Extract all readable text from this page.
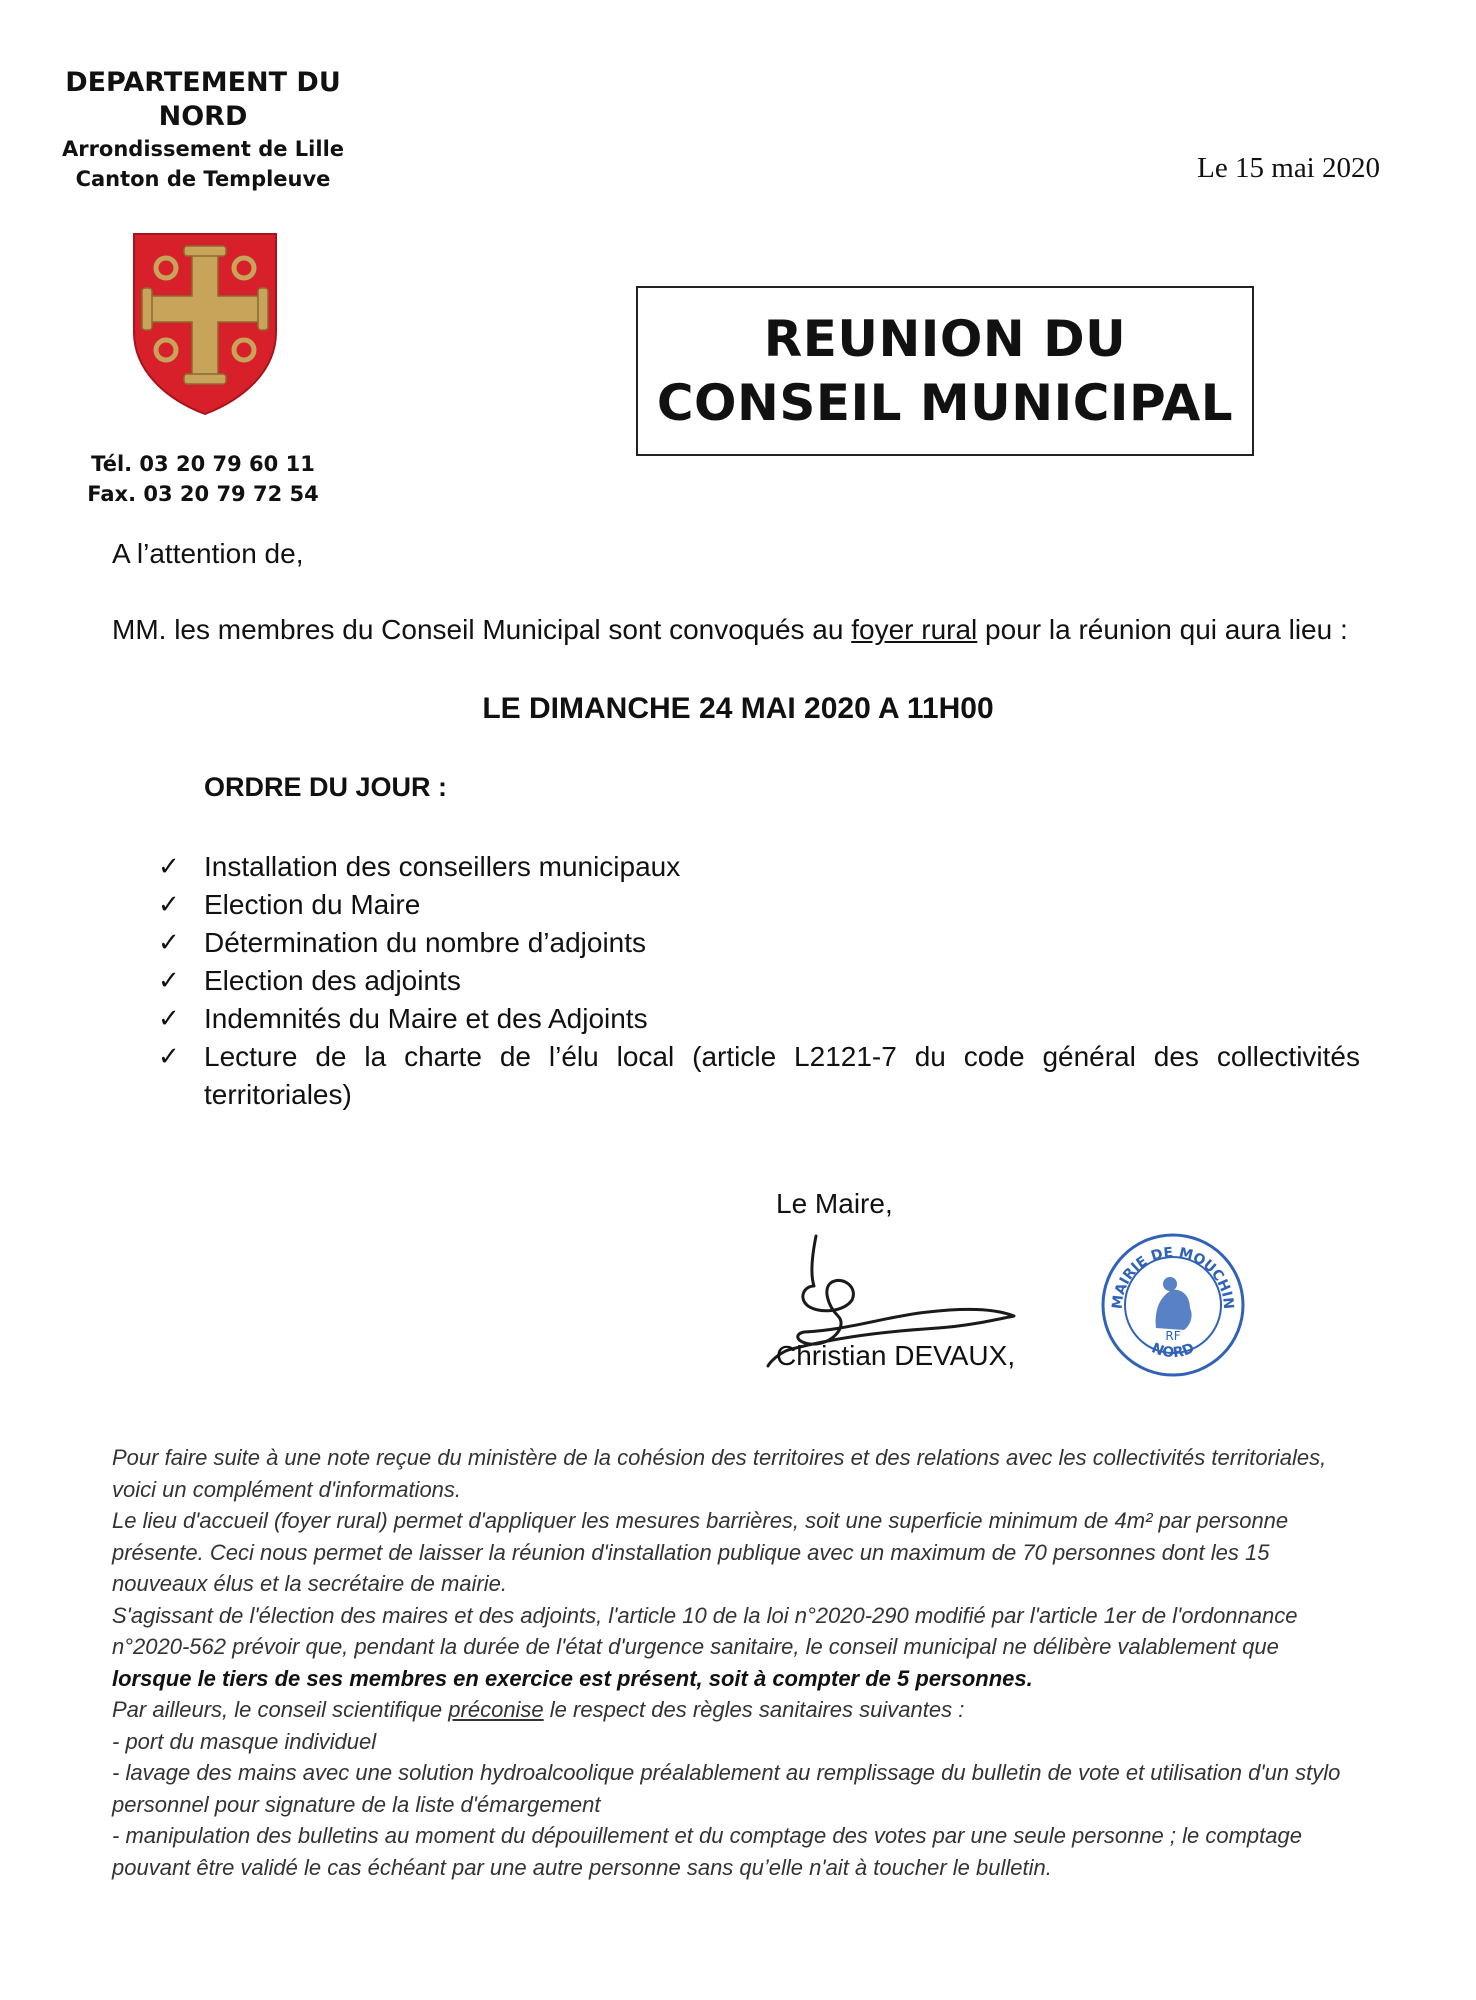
DEPARTEMENT DU
NORD
Arrondissement de Lille
Canton de Templeuve	Le 15 mai 2020
Tél. 03 20 79 60 11
Fax. 03 20 79 72 54
REUNION DU
CONSEIL MUNICIPAL
A l’attention de,
MM. les membres du Conseil Municipal sont convoqués au foyer rural pour la réunion qui aura lieu :
LE DIMANCHE 24 MAI 2020 A 11H00
ORDRE DU JOUR :
✓ Installation des conseillers municipaux
✓ Election du Maire
✓ Détermination du nombre d’adjoints
✓ Election des adjoints
✓ Indemnités du Maire et des Adjoints
✓ Lecture de la charte de l’élu local (article L2121-7 du code général des collectivités territoriales)
Le Maire,
Christian DEVAUX,
MAIRIE DE MOUCHIN
NORD
RF

Pour faire suite à une note reçue du ministère de la cohésion des territoires et des relations avec les collectivités territoriales, voici un complément d'informations.

Le lieu d'accueil (foyer rural) permet d'appliquer les mesures barrières, soit une superficie minimum de 4m² par personne présente. Ceci nous permet de laisser la réunion d'installation publique avec un maximum de 70 personnes dont les 15 nouveaux élus et la secrétaire de mairie.

S'agissant de l'élection des maires et des adjoints, l'article 10 de la loi n°2020-290 modifié par l'article 1er de l'ordonnance n°2020-562 prévoir que, pendant la durée de l'état d'urgence sanitaire, le conseil municipal ne délibère valablement que lorsque le tiers de ses membres en exercice est présent, soit à compter de 5 personnes.

Par ailleurs, le conseil scientifique préconise le respect des règles sanitaires suivantes :

- port du masque individuel

- lavage des mains avec une solution hydroalcoolique préalablement au remplissage du bulletin de vote et utilisation d'un stylo personnel pour signature de la liste d'émargement

- manipulation des bulletins au moment du dépouillement et du comptage des votes par une seule personne ; le comptage pouvant être validé le cas échéant par une autre personne sans qu’elle n'ait à toucher le bulletin.
